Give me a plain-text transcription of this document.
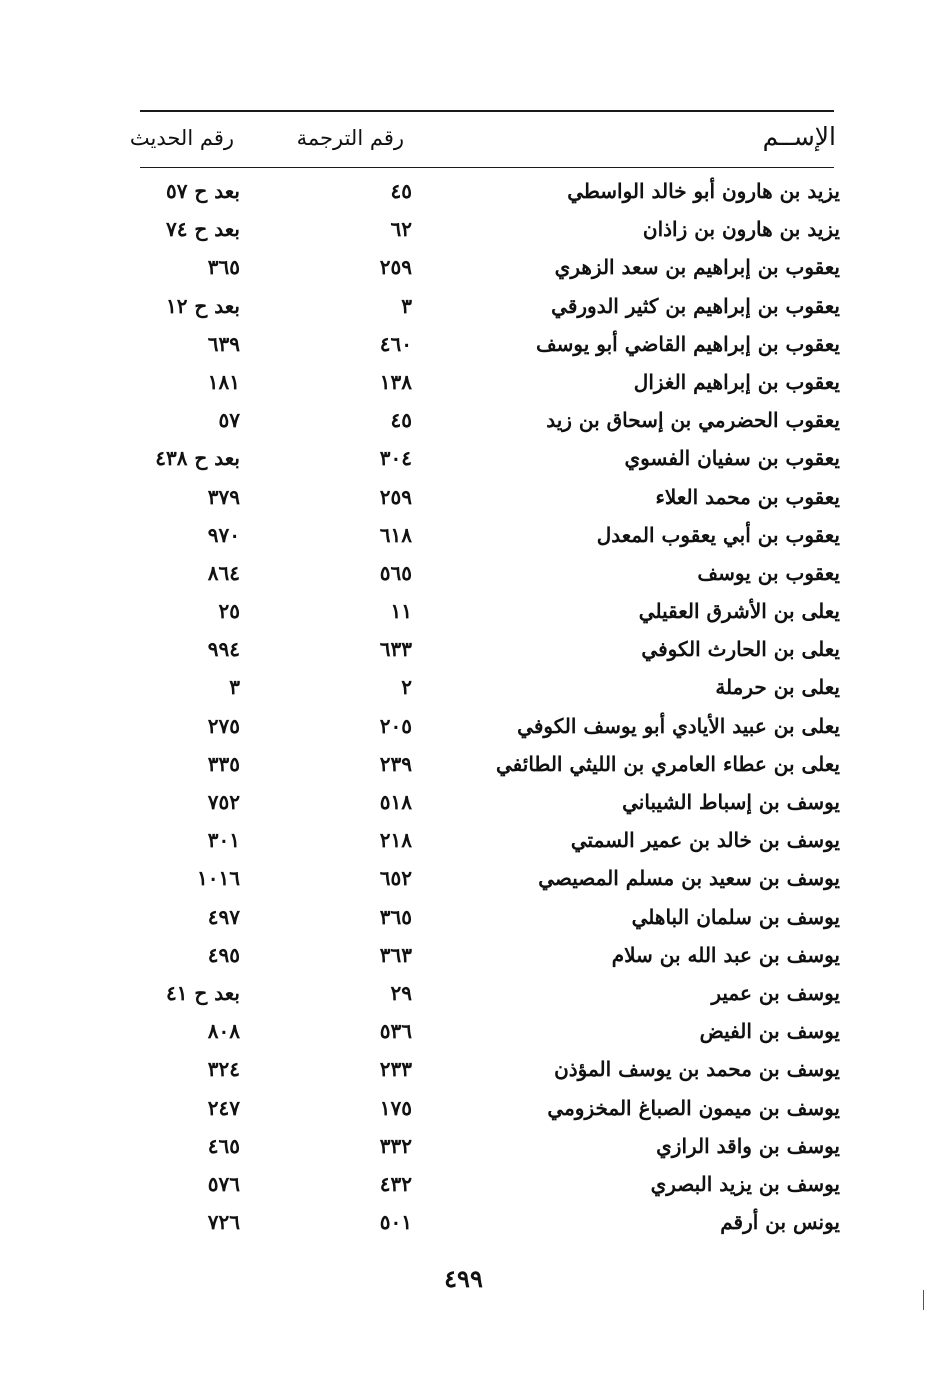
الإســم
رقم الترجمة
رقم الحديث
يزيد بن هارون أبو خالد الواسطي
٤٥
بعد ح ٥٧
يزيد بن هارون بن زاذان
٦٢
بعد ح ٧٤
يعقوب بن إبراهيم بن سعد الزهري
٢٥٩
٣٦٥
يعقوب بن إبراهيم بن كثير الدورقي
٣
بعد ح ١٢
يعقوب بن إبراهيم القاضي أبو يوسف
٤٦٠
٦٣٩
يعقوب بن إبراهيم الغزال
١٣٨
١٨١
يعقوب الحضرمي بن إسحاق بن زيد
٤٥
٥٧
يعقوب بن سفيان الفسوي
٣٠٤
بعد ح ٤٣٨
يعقوب بن محمد العلاء
٢٥٩
٣٧٩
يعقوب بن أبي يعقوب المعدل
٦١٨
٩٧٠
يعقوب بن يوسف
٥٦٥
٨٦٤
يعلى بن الأشرق العقيلي
١١
٢٥
يعلى بن الحارث الكوفي
٦٣٣
٩٩٤
يعلى بن حرملة
٢
٣
يعلى بن عبيد الأيادي أبو يوسف الكوفي
٢٠٥
٢٧٥
يعلى بن عطاء العامري بن الليثي الطائفي
٢٣٩
٣٣٥
يوسف بن إسباط الشيباني
٥١٨
٧٥٢
يوسف بن خالد بن عمير السمتي
٢١٨
٣٠١
يوسف بن سعيد بن مسلم المصيصي
٦٥٢
١٠١٦
يوسف بن سلمان الباهلي
٣٦٥
٤٩٧
يوسف بن عبد الله بن سلام
٣٦٣
٤٩٥
يوسف بن عمير
٢٩
بعد ح ٤١
يوسف بن الفيض
٥٣٦
٨٠٨
يوسف بن محمد بن يوسف المؤذن
٢٣٣
٣٢٤
يوسف بن ميمون الصباغ المخزومي
١٧٥
٢٤٧
يوسف بن واقد الرازي
٣٣٢
٤٦٥
يوسف بن يزيد البصري
٤٣٢
٥٧٦
يونس بن أرقم
٥٠١
٧٢٦
٤٩٩
